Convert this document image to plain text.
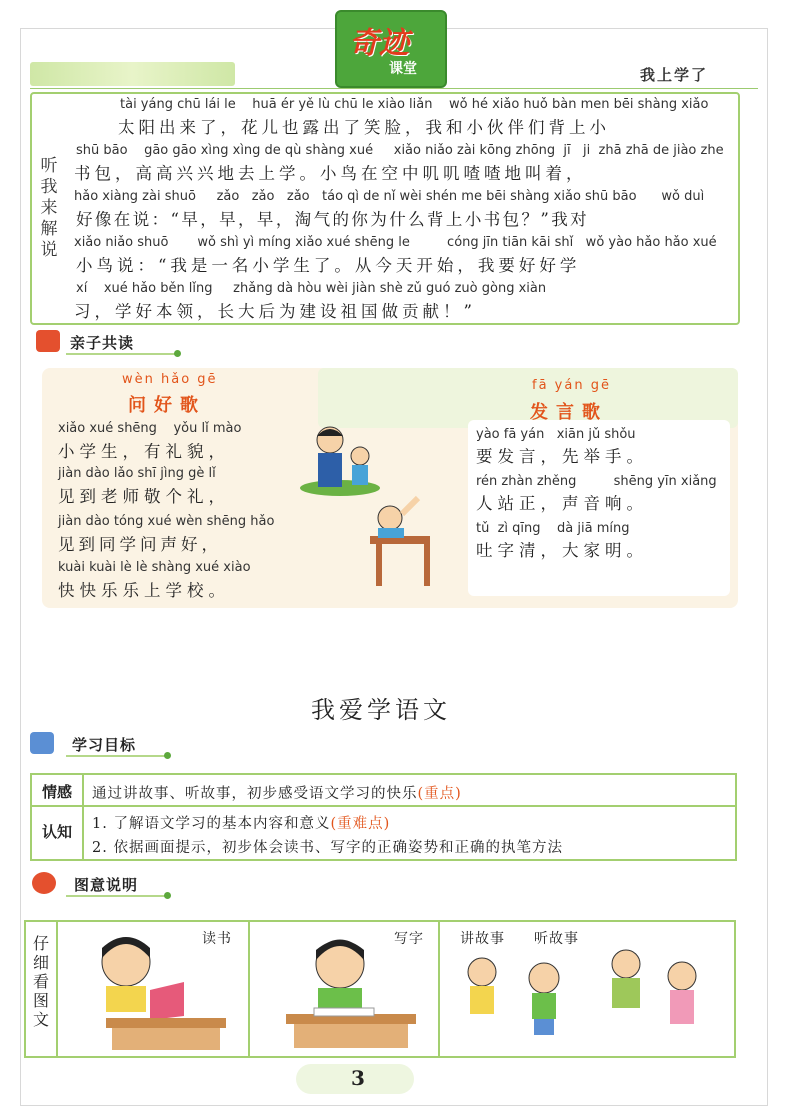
奇迹
课堂	我上学了
听
我
来
解
说
tài yáng chū lái le    huā ér yě lù chū le xiào liǎn    wǒ hé xiǎo huǒ bàn men bēi shàng xiǎo
太阳出来了，花儿也露出了笑脸，我和小伙伴们背上小
shū bāo    gāo gāo xìng xìng de qù shàng xué     xiǎo niǎo zài kōng zhōng  jī   ji  zhā zhā de jiào zhe
书包，高高兴兴地去上学。小鸟在空中叽叽喳喳地叫着，
hǎo xiàng zài shuō     zǎo   zǎo   zǎo   táo qì de nǐ wèi shén me bēi shàng xiǎo shū bāo      wǒ duì
好像在说：“早，早，早，淘气的你为什么背上小书包？”我对
xiǎo niǎo shuō       wǒ shì yì míng xiǎo xué shēng le         cóng jīn tiān kāi shǐ   wǒ yào hǎo hǎo xué
小鸟说：“我是一名小学生了。从今天开始，我要好好学
xí    xué hǎo běn lǐng     zhǎng dà hòu wèi jiàn shè zǔ guó zuò gòng xiàn
习，学好本领，长大后为建设祖国做贡献！”
亲子共读
wèn hǎo gē
问好歌
xiǎo xué shēng    yǒu lǐ mào
小学生，有礼貌，
jiàn dào lǎo shī jìng gè lǐ
见到老师敬个礼，
jiàn dào tóng xué wèn shēng hǎo
见到同学问声好，
kuài kuài lè lè shàng xué xiào
快快乐乐上学校。
fā yán gē
发言歌
yào fā yán   xiān jǔ shǒu
要发言，先举手。
rén zhàn zhěng         shēng yīn xiǎng
人站正，声音响。
tǔ  zì qīng    dà jiā míng
吐字清，大家明。
我爱学语文
学习目标
情感	通过讲故事、听故事，初步感受语文学习的快乐(重点)
认知	1. 了解语文学习的基本内容和意义(重难点)
2. 依据画面提示，初步体会读书、写字的正确姿势和正确的执笔方法
图意说明
仔
细
看
图
文
读书	写字	讲故事 听故事
3
